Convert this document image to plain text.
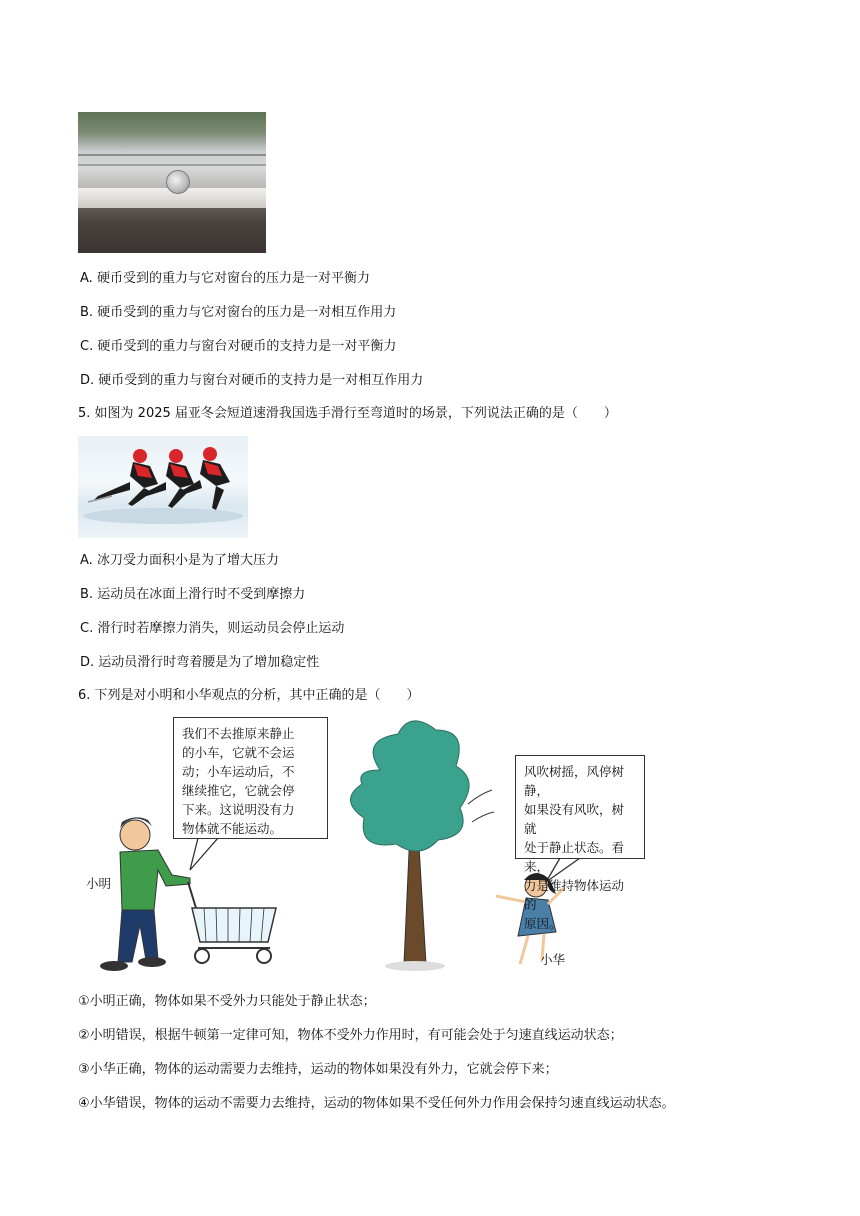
A. 硬币受到的重力与它对窗台的压力是一对平衡力
B. 硬币受到的重力与它对窗台的压力是一对相互作用力
C. 硬币受到的重力与窗台对硬币的支持力是一对平衡力
D. 硬币受到的重力与窗台对硬币的支持力是一对相互作用力
5. 如图为 2025 届亚冬会短道速滑我国选手滑行至弯道时的场景，下列说法正确的是（　　）
A. 冰刀受力面积小是为了增大压力
B. 运动员在冰面上滑行时不受到摩擦力
C. 滑行时若摩擦力消失，则运动员会停止运动
D. 运动员滑行时弯着腰是为了增加稳定性
6. 下列是对小明和小华观点的分析，其中正确的是（　　）
我们不去推原来静止
的小车，它就不会运
动；小车运动后，不
继续推它，它就会停
下来。这说明没有力
物体就不能运动。
风吹树摇，风停树静，
如果没有风吹，树就
处于静止状态。看来，
力是维持物体运动的
原因。
小明
小华
①小明正确，物体如果不受外力只能处于静止状态；
②小明错误，根据牛顿第一定律可知，物体不受外力作用时，有可能会处于匀速直线运动状态；
③小华正确，物体的运动需要力去维持，运动的物体如果没有外力，它就会停下来；
④小华错误，物体的运动不需要力去维持，运动的物体如果不受任何外力作用会保持匀速直线运动状态。
